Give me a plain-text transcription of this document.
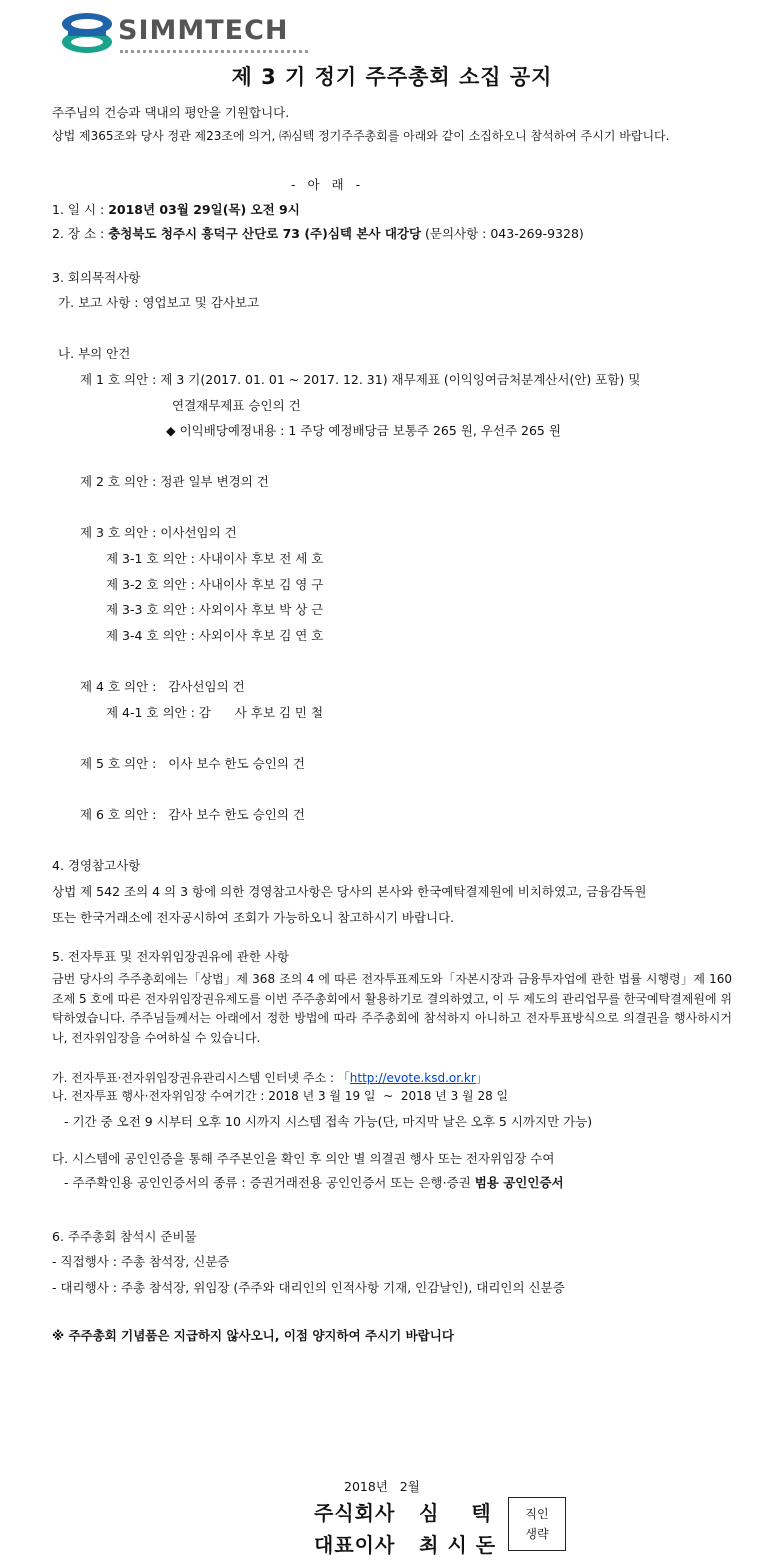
SIMMTECH
제 3 기 정기 주주총회 소집 공지
주주님의 건승과 댁내의 평안을 기원합니다.
상법 제365조와 당사 정관 제23조에 의거, ㈜심텍 정기주주총회를 아래와 같이 소집하오니 참석하여 주시기 바랍니다.
- 아 래 -
1. 일 시 : 2018년 03월 29일(목) 오전 9시
2. 장 소 : 충청북도 청주시 흥덕구 산단로 73 (주)심텍 본사 대강당 (문의사항 : 043-269-9328)
3. 회의목적사항
가. 보고 사항 : 영업보고 및 감사보고
나. 부의 안건
제 1 호 의안 : 제 3 기(2017. 01. 01 ~ 2017. 12. 31) 재무제표 (이익잉여금처분계산서(안) 포함) 및
연결재무제표 승인의 건
◆ 이익배당예정내용 : 1 주당 예정배당금 보통주 265 원, 우선주 265 원
제 2 호 의안 : 정관 일부 변경의 건
제 3 호 의안 : 이사선임의 건
제 3-1 호 의안 : 사내이사 후보 전 세 호
제 3-2 호 의안 : 사내이사 후보 김 영 구
제 3-3 호 의안 : 사외이사 후보 박 상 근
제 3-4 호 의안 : 사외이사 후보 김 연 호
제 4 호 의안 :   감사선임의 건
제 4-1 호 의안 : 감      사 후보 김 민 철
제 5 호 의안 :   이사 보수 한도 승인의 건
제 6 호 의안 :   감사 보수 한도 승인의 건
4. 경영참고사항
상법 제 542 조의 4 의 3 항에 의한 경영참고사항은 당사의 본사와 한국예탁결제원에 비치하였고, 금융감독원
또는 한국거래소에 전자공시하여 조회가 가능하오니 참고하시기 바랍니다.
5. 전자투표 및 전자위임장권유에 관한 사항
금번 당사의 주주총회에는「상법」제 368 조의 4 에 따른 전자투표제도와「자본시장과 금융투자업에 관한 법률 시행령」제 160 조제 5 호에 따른 전자위임장권유제도를 이번 주주총회에서 활용하기로 결의하였고, 이 두 제도의 관리업무를 한국예탁결제원에 위탁하였습니다. 주주님들께서는 아래에서 정한 방법에 따라 주주총회에 참석하지 아니하고 전자투표방식으로 의결권을 행사하시거나, 전자위임장을 수여하실 수 있습니다.
가. 전자투표·전자위임장권유관리시스템 인터넷 주소 : 「http://evote.ksd.or.kr」
나. 전자투표 행사·전자위임장 수여기간 : 2018 년 3 월 19 일  ~  2018 년 3 월 28 일
- 기간 중 오전 9 시부터 오후 10 시까지 시스템 접속 가능(단, 마지막 날은 오후 5 시까지만 가능)
다. 시스템에 공인인증을 통해 주주본인을 확인 후 의안 별 의결권 행사 또는 전자위임장 수여
- 주주확인용 공인인증서의 종류 : 증권거래전용 공인인증서 또는 은행·증권 범용 공인인증서
6. 주주총회 참석시 준비물
- 직접행사 : 주총 참석장, 신분증
- 대리행사 : 주총 참석장, 위임장 (주주와 대리인의 인적사항 기재, 인감날인), 대리인의 신분증
※ 주주총회 기념품은 지급하지 않사오니, 이점 양지하여 주시기 바랍니다
2018년   2월
주식회사   심    텍
대표이사   최 시 돈
직인
생략
